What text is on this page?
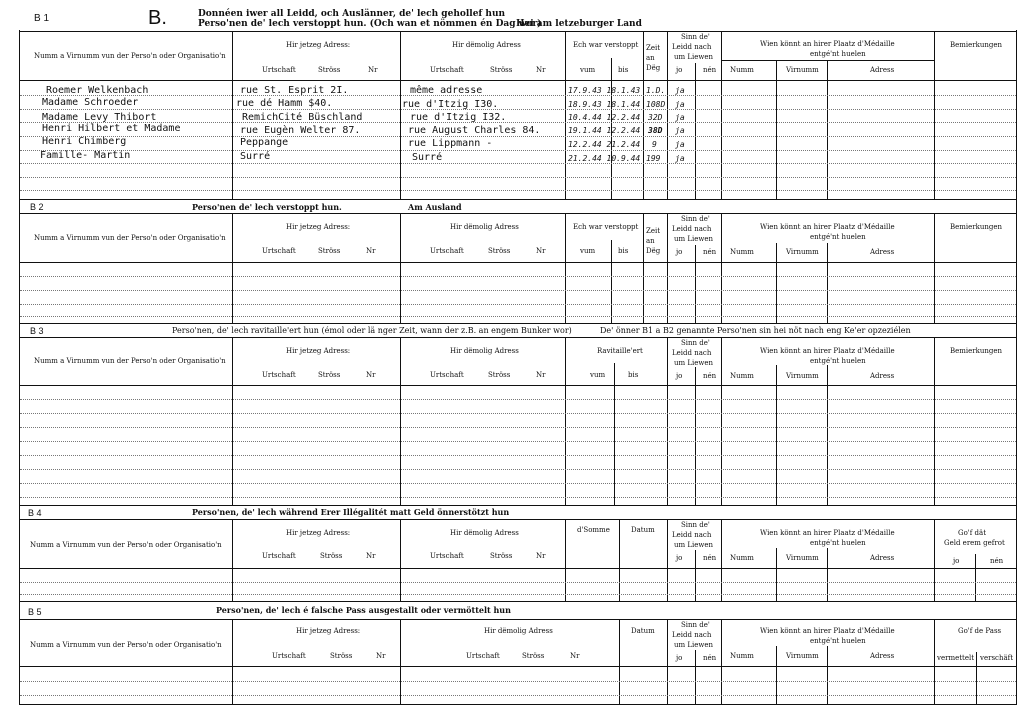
B 1	B.	Donnéen iwer all Leidd, och Auslänner, de' lech gehollef hun
Perso'nen de' lech verstoppt hun. (Och wan et nömmen én Dag wor)
Hei am letzeburger Land
Numm a Virnumm vun der Perso'n oder Organisatio'n
Hir jetzeg Adress:
Urtschaft	Ströss	Nr
Hir dëmolig Adress
Urtschaft	Ströss	Nr
Ech war verstoppt
vum	bis
Zeit an Dëg
Sinn de'
Leidd nach
um Liewen
jo	nén
Wien könnt an hirer Plaatz d'Médaille
entgé'nt huelen
Numm	Virnumm	Adress
Bemierkungen
Roemer Welkenbach	rue St. Esprit 2I.	même adresse	17.9.43 18.1.43 1.D. ja
Madame Schroeder	rue dé Hamm $40.	rue d'Itzig I30.	18.9.43 18.1.44 108D ja
Madame Levy Thibort	RemichCité Büschland	rue d'Itzig I32.	10.4.44 12.2.44 32D ja
Henri Hilbert et Madame	rue Eugèn Welter 87.	rue August Charles 84.	19.1.44 12.2.44 38D ja
Henri Chimberg	Peppange	rue Lippmann -	12.2.44 21.2.44 9 ja
Famille- Martin	Surré	Surré	21.2.44 10.9.44 199 ja
B 2	Perso'nen de' lech verstoppt hun.	Am Ausland
Numm a Virnumm vun der Perso'n oder Organisatio'n
Hir jetzeg Adress:
Urtschaft	Ströss	Nr
Hir dëmolig Adress
Urtschaft	Ströss	Nr
Ech war verstoppt
vum	bis
Zeit an Dëg
Sinn de'
Leidd nach
um Liewen
jo	nén
Wien könnt an hirer Plaatz d'Médaille
entgé'nt huelen
Numm	Virnumm	Adress
Bemierkungen
B 3	Perso'nen, de' lech ravitaille'ert hun (émol oder lä nger Zeit, wann der z.B. an engem Bunker wor)	De' önner B1 a B2 genannte Perso'nen sin hei nöt nach eng Ke'er opzeziélen
Numm a Virnumm vun der Perso'n oder Organisatio'n
Hir jetzeg Adress:
Urtschaft	Ströss	Nr
Hir dëmolig Adress
Urtschaft	Ströss	Nr
Ravitaille'ert
vum	bis
Sinn de'
Leidd nach
um Liewen
jo	nén
Wien könnt an hirer Plaatz d'Médaille
entgé'nt huelen
Numm	Virnumm	Adress
Bemierkungen
B 4	Perso'nen, de' lech während Erer Illégalitét matt Geld önnerstötzt hun
Numm a Virnumm vun der Perso'n oder Organisatio'n
Hir jetzeg Adress:
Urtschaft	Ströss	Nr
Hir dëmolig Adress
Urtschaft	Ströss	Nr
d'Somme	Datum
Sinn de'
Leidd nach
um Liewen
jo	nén
Wien könnt an hirer Plaatz d'Médaille
entgé'nt huelen
Numm	Virnumm	Adress
Go'f dät
Geld erem gefrot
jo	nén
B 5	Perso'nen, de' lech é falsche Pass ausgestallt oder vermöttelt hun
Numm a Virnumm vun der Perso'n oder Organisatio'n
Hir jetzeg Adress:
Urtschaft	Ströss	Nr
Hir dëmolig Adress
Urtschaft	Ströss	Nr
Datum
Sinn de'
Leidd nach
um Liewen
jo	nén
Wien könnt an hirer Plaatz d'Médaille
entgé'nt huelen
Numm	Virnumm	Adress
Go'f de Pass
vermettelt verschäft
